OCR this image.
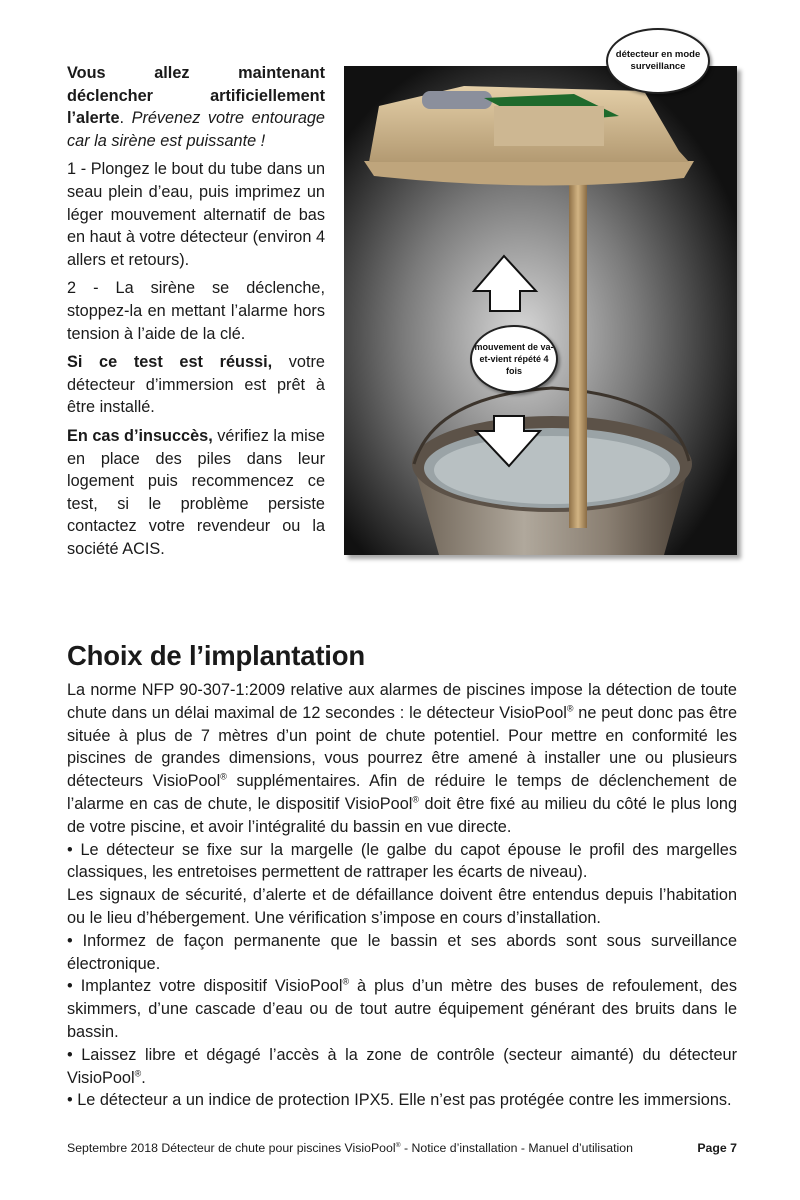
Vous allez maintenant déclencher artificiellement l’alerte. Prévenez votre entourage car la sirène est puissante !

1 - Plongez le bout du tube dans un seau plein d’eau, puis imprimez un léger mouvement alternatif de bas en haut à votre détecteur (environ 4 allers et retours).

2 - La sirène se déclenche, stoppez-la en mettant l’alarme hors tension à l’aide de la clé.

Si ce test est réussi, votre détecteur d’immersion est prêt à être installé.

En cas d’insuccès, vérifiez la mise en place des piles dans leur logement puis recommencez ce test, si le problème persiste contactez votre revendeur ou la société ACIS.

détecteur en mode surveillance
mouvement de va-et-vient répété 4 fois
Choix de l’implantation

La norme NFP 90-307-1:2009 relative aux alarmes de piscines impose la détection de toute chute dans un délai maximal de 12 secondes : le détecteur VisioPool® ne peut donc pas être située à plus de 7 mètres d’un point de chute potentiel. Pour mettre en conformité les piscines de grandes dimensions, vous pourrez être amené à installer une ou plusieurs détecteurs VisioPool® supplémentaires. Afin de réduire le temps de déclenchement de l’alarme en cas de chute, le dispositif VisioPool® doit être fixé au milieu du côté le plus long de votre piscine, et avoir l’intégralité du bassin en vue directe.

• Le détecteur se fixe sur la margelle (le galbe du capot épouse le profil des margelles classiques, les entretoises permettent de rattraper les écarts de niveau).

Les signaux de sécurité, d’alerte et de défaillance doivent être entendus depuis l’habitation ou le lieu d’hébergement. Une vérification s’impose en cours d’installation.

• Informez de façon permanente que le bassin et ses abords sont sous surveillance électronique.

• Implantez votre dispositif VisioPool® à plus d’un mètre des buses de refoulement, des skimmers, d’une cascade d’eau ou de tout autre équipement générant des bruits dans le bassin.

• Laissez libre et dégagé l’accès à la zone de contrôle (secteur aimanté) du détecteur VisioPool®.

• Le détecteur a un indice de protection IPX5. Elle n’est pas protégée contre les immersions.

Septembre 2018 Détecteur de chute pour piscines VisioPool® - Notice d’installation - Manuel d’utilisation	Page 7
